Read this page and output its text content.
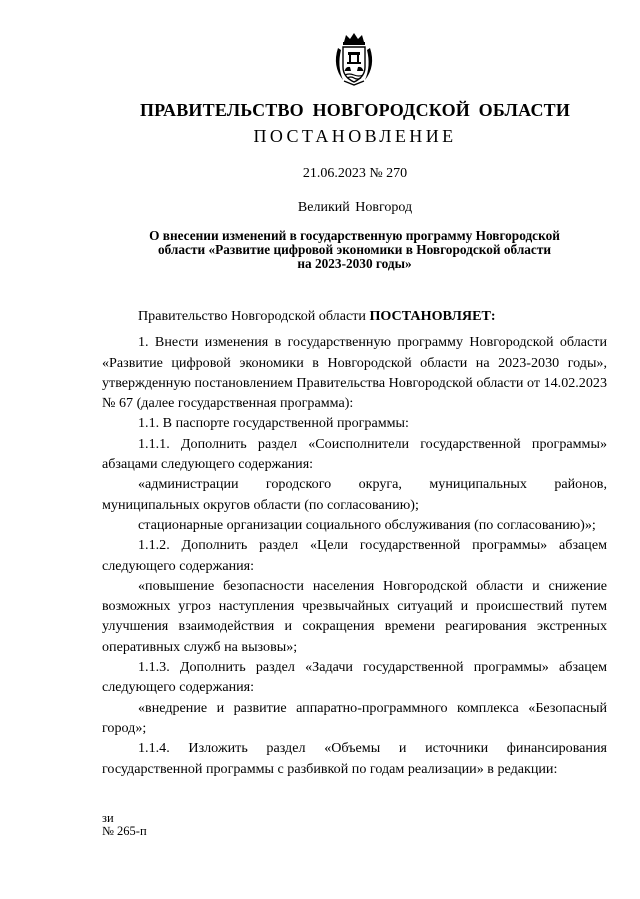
ПРАВИТЕЛЬСТВО НОВГОРОДСКОЙ ОБЛАСТИ
ПОСТАНОВЛЕНИЕ
21.06.2023 № 270
Великий Новгород
О внесении изменений в государственную программу Новгородской
области «Развитие цифровой экономики в Новгородской области
на 2023-2030 годы»

Правительство Новгородской области ПОСТАНОВЛЯЕТ:

1. Внести изменения в государственную программу Новгородской области «Развитие цифровой экономики в Новгородской области на 2023-2030 годы», утвержденную постановлением Правительства Новгородской области от 14.02.2023 № 67 (далее государственная программа):

1.1. В паспорте государственной программы:

1.1.1. Дополнить раздел «Соисполнители государственной программы» абзацами следующего содержания:

«администрации городского округа, муниципальных районов, муниципальных округов области (по согласованию);

стационарные организации социального обслуживания (по согласованию)»;

1.1.2. Дополнить раздел «Цели государственной программы» абзацем следующего содержания:

«повышение безопасности населения Новгородской области и снижение возможных угроз наступления чрезвычайных ситуаций и происшествий путем улучшения взаимодействия и сокращения времени реагирования экстренных оперативных служб на вызовы»;

1.1.3. Дополнить раздел «Задачи государственной программы» абзацем следующего содержания:

«внедрение и развитие аппаратно-программного комплекса «Безопасный город»;

1.1.4. Изложить раздел «Объемы и источники финансирования государственной программы с разбивкой по годам реализации» в редакции:

зи
№ 265-п
